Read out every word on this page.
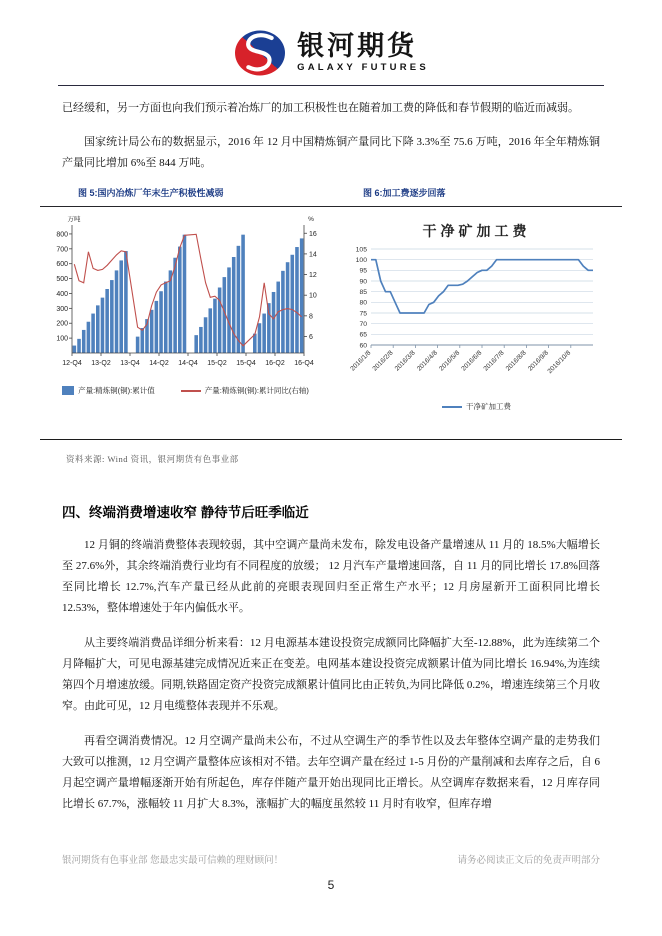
银河期货
GALAXY FUTURES

已经缓和，另一方面也向我们预示着冶炼厂的加工积极性也在随着加工费的降低和春节假期的临近而减弱。

国家统计局公布的数据显示，2016 年 12 月中国精炼铜产量同比下降 3.3%至 75.6 万吨，2016 年全年精炼铜产量同比增加 6%至 844 万吨。

图 5:国内冶炼厂年末生产积极性减弱	图 6:加工费逐步回落
100
200
300
400
500
600
700
800
6
8
10
12
14
16
万吨	%
12-Q4 13-Q2 13-Q4 14-Q2 14-Q4 15-Q2 15-Q4 16-Q2 16-Q4
产量:精炼铜(铜):累计值	产量:精炼铜(铜):累计同比(右轴)
干净矿加工费
60
65
70
75
80
85
90
95
100
105
2016/1/8 2016/2/8 2016/3/8 2016/4/8 2016/5/8 2016/6/8 2016/7/8 2016/8/8 2016/9/8
2016/10/8
干净矿加工费
资料来源: Wind 资讯，银河期货有色事业部
四、终端消费增速收窄 静待节后旺季临近

12 月铜的终端消费整体表现较弱，其中空调产量尚未发布，除发电设备产量增速从 11 月的 18.5%大幅增长至 27.6%外，其余终端消费行业均有不同程度的放缓； 12 月汽车产量增速回落，自 11 月的同比增长 17.8%回落至同比增长 12.7%,汽车产量已经从此前的亮眼表现回归至正常生产水平；12 月房屋新开工面积同比增长 12.53%，整体增速处于年内偏低水平。

从主要终端消费品详细分析来看：12 月电源基本建设投资完成额同比降幅扩大至-12.88%，此为连续第二个月降幅扩大，可见电源基建完成情况近来正在变差。电网基本建设投资完成额累计值为同比增长 16.94%,为连续第四个月增速放缓。同期,铁路固定资产投资完成额累计值同比由正转负,为同比降低 0.2%，增速连续第三个月收窄。由此可见，12 月电缆整体表现并不乐观。

再看空调消费情况。12 月空调产量尚未公布，不过从空调生产的季节性以及去年整体空调产量的走势我们大致可以推测，12 月空调产量整体应该相对不错。去年空调产量在经过 1-5 月份的产量削减和去库存之后，自 6 月起空调产量增幅逐渐开始有所起色，库存伴随产量开始出现同比正增长。从空调库存数据来看，12 月库存同比增长 67.7%，涨幅较 11 月扩大 8.3%，涨幅扩大的幅度虽然较 11 月时有收窄，但库存增

银河期货有色事业部 您最忠实最可信赖的理财顾问！	请务必阅读正文后的免责声明部分
5
